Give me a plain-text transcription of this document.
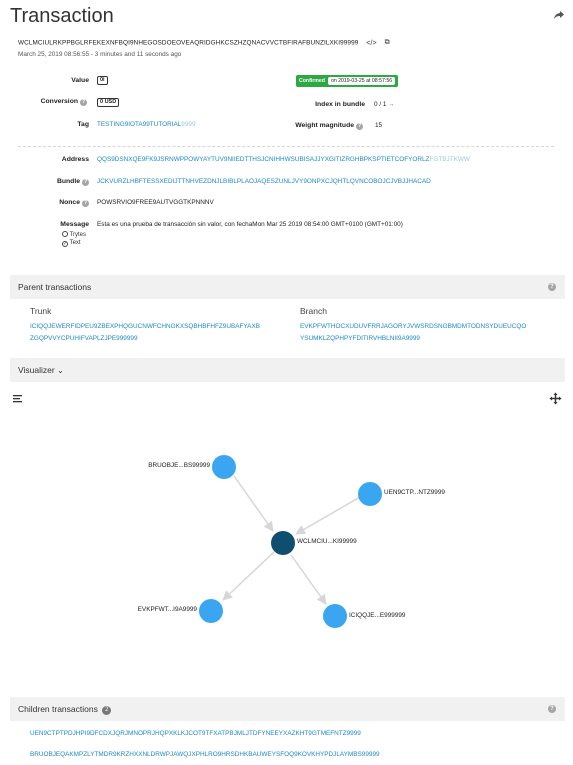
Transaction
WCLMCIULRKPPBGLRFEKEXNFBQI9NHEGOSDOEOVEAQRIDGHKCSZHZQNACVVCTBFIRAFBUNZILXKI99999 </> ⧉
March 25, 2019 08:56:55 - 3 minutes and 11 seconds ago
Value	0i
Conversion ?	0 USD
Tag TESTING9IOTA99TUTORIAL9999
Confirmed	on 2019-03-25 at 08:57:56
Index in bundle 0 / 1 →
Weight magnitude ? 15
Address QQS9DSNXQE9FK9JSRNWPPOWYAYTUV9NIIEDTTHSJCNIHHWSUBISAJJYXGITIZRGHBPKSPTIETCOFYORLZFGTBJTKWW
Bundle ? JCKVURZLHBFTESSXEDIJTTNHVEZDNJLBIBLPLAOJAQESZUNLJVY9ONPXCJQHTLQVNCOBOJCJVBJJHACAD
Nonce ? POWSRVIO9FREE9AUTVGGTKPNNNV
Message
Trytes
✓ Text
Esta es una prueba de transacción sin valor, con fechaMon Mar 25 2019 08:54:00 GMT+0100 (GMT+01:00)
Parent transactions	?
Trunk
ICIQQJEWERFIDPEU9ZBEXPHQGUCNWFCHNGKXSQBHBFHFZ9UBAFYAXB
ZGQPVVYCPUHIFVAPLZJPE999999
Branch
EVKPFWTHOCXUDUVFRRJAGORYJVWSRDSNGBMDMTODNSYDUEUCQO
YSUMKLZQPHPYFDITIRVHBLNII9A9999
Visualizer ⌄
BRUOBJE...BS99999
UEN9CTP...NTZ9999
WCLMCIU...KI99999
EVKPFWT...I9A9999
ICIQQJE...E999999
Children transactions 2	?
UEN9CTPTPDJHPI9DFCDXJQRJMNOPRJHQPXKLKJCOT9TFXATPBJMLJTDFYNEEYXAZKHT9GTMEFNTZ9999
BRUOBJEQAKMPZLYTMDR9KRZHXXNLDRWPJAWQJXPHLRO9HRSDHKBAUWEYSFOQ9KOVKHYPDJLAYMBS99999
